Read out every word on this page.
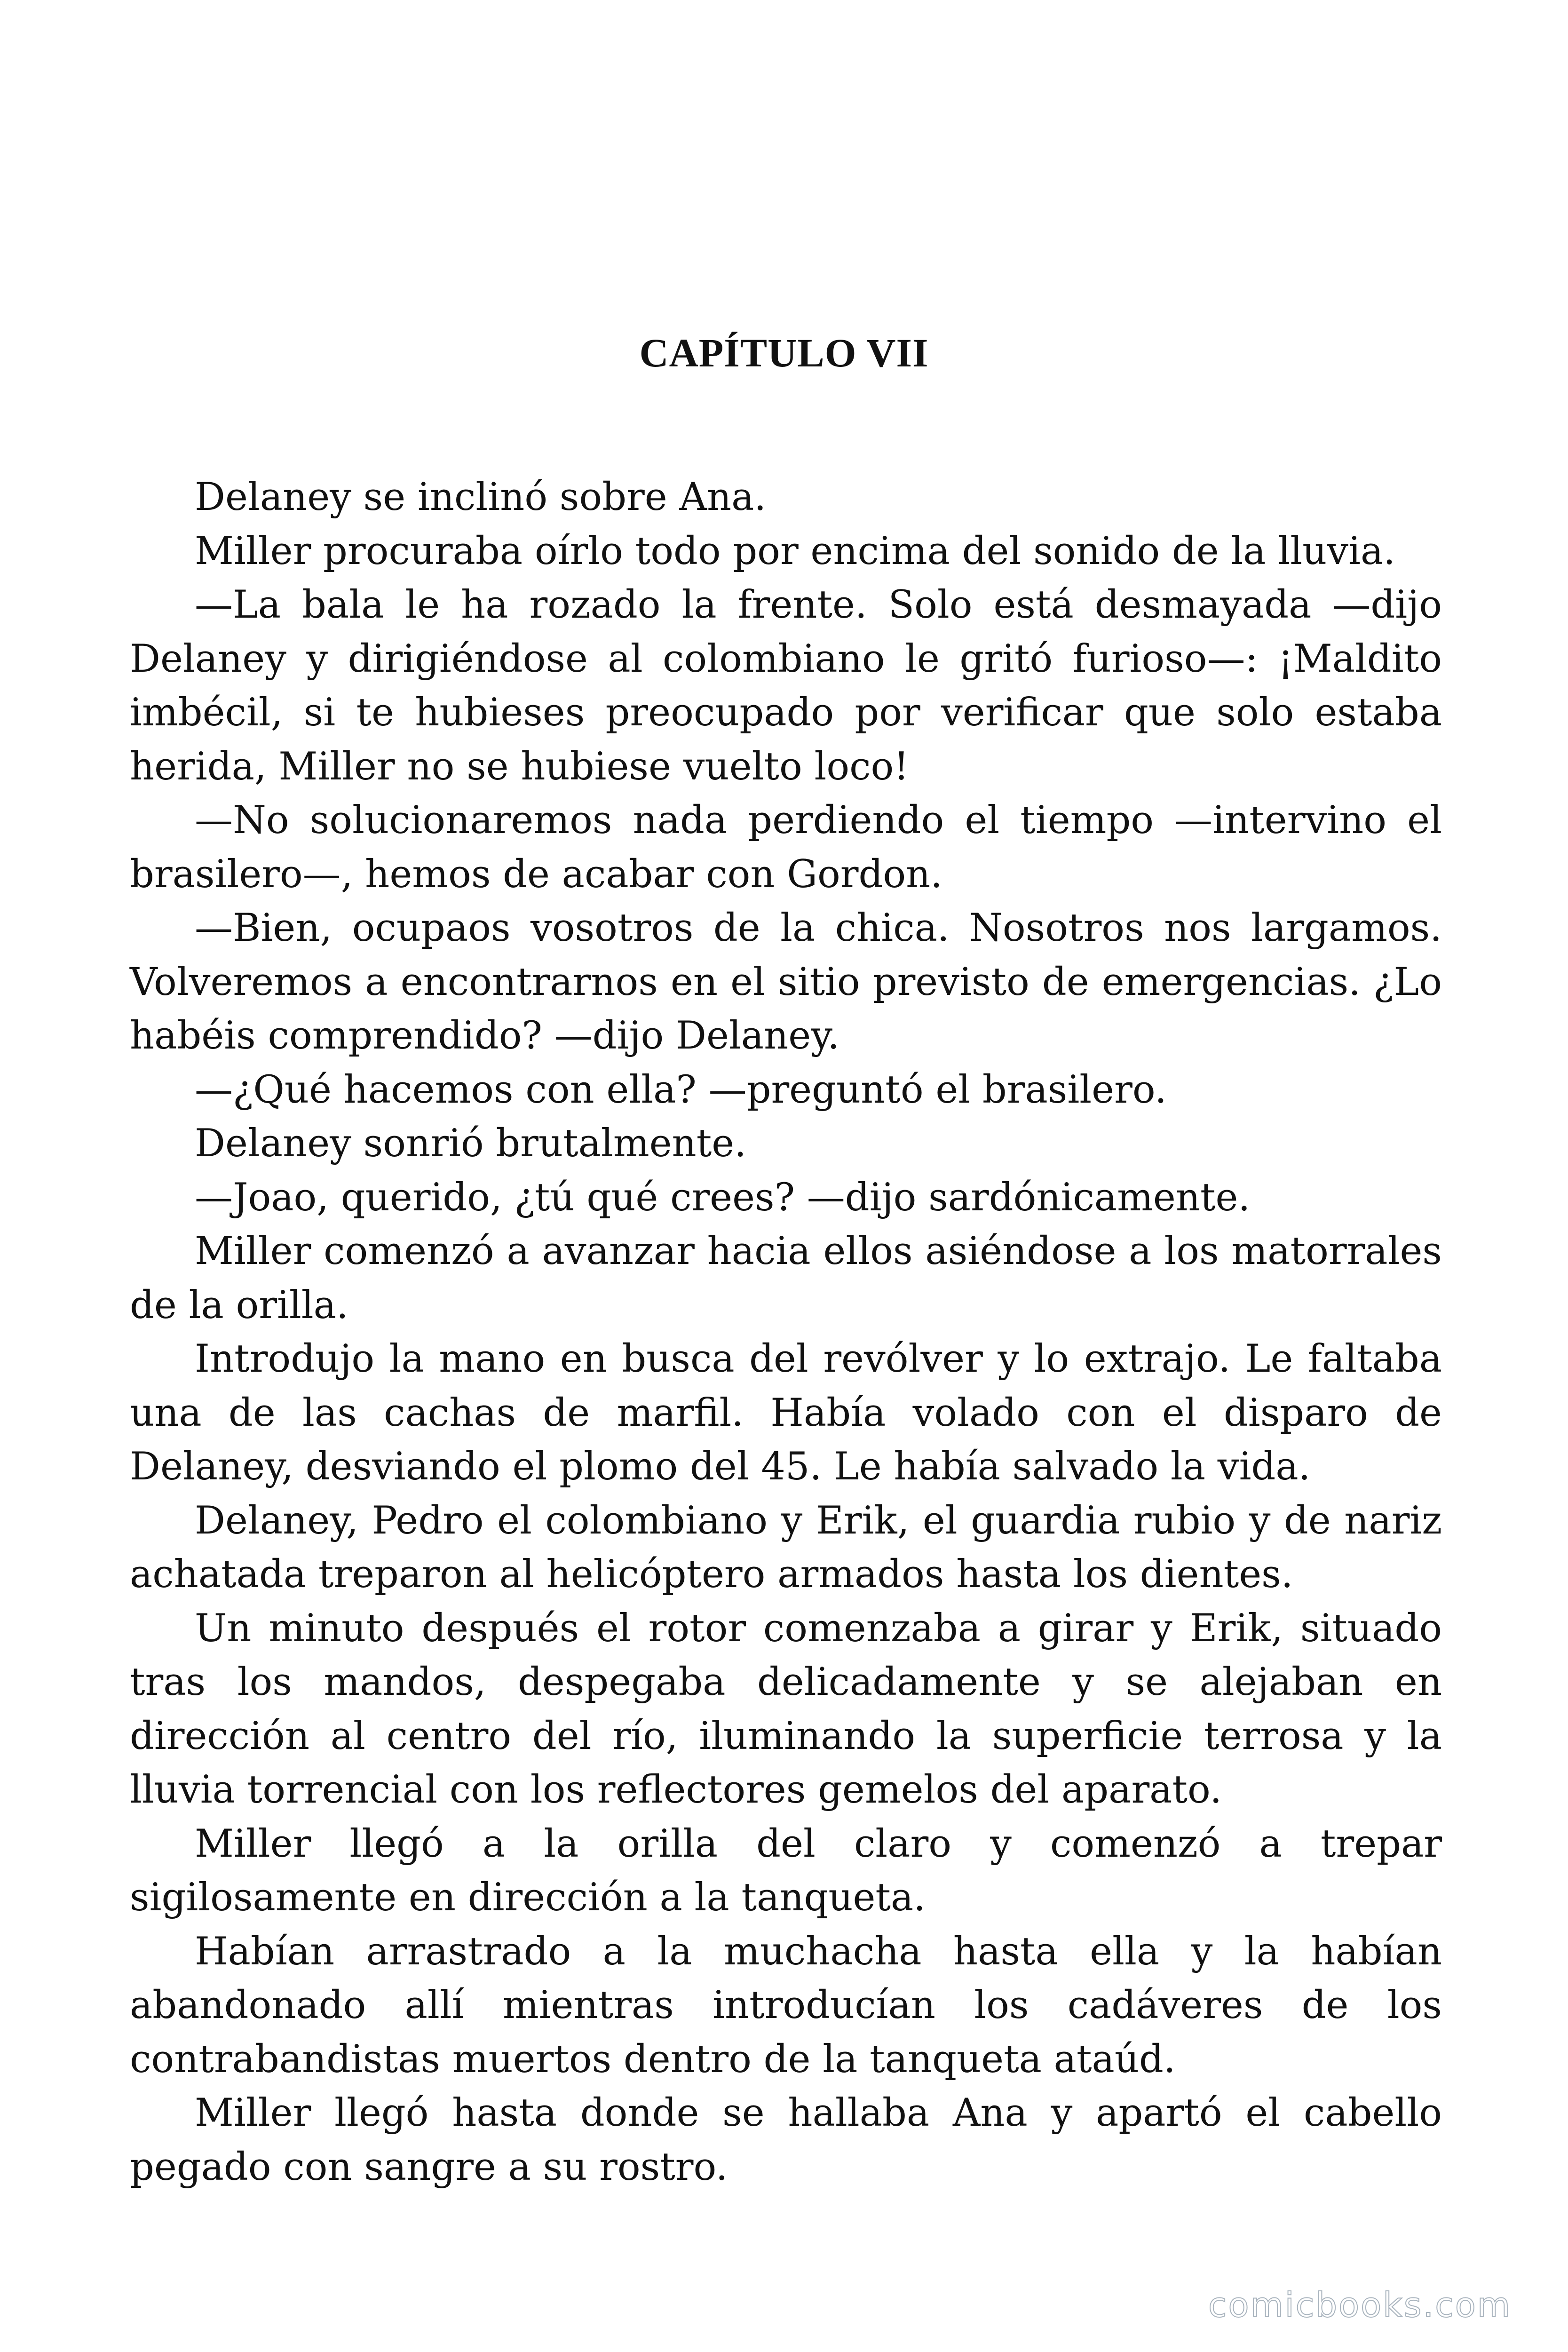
CAPÍTULO VII

Delaney se inclinó sobre Ana.

Miller procuraba oírlo todo por encima del sonido de la lluvia.

—La bala le ha rozado la frente. Solo está desmayada —dijo Delaney y dirigiéndose al colombiano le gritó furioso—: ¡Maldito imbécil, si te hubieses preocupado por verificar que solo estaba herida, Miller no se hubiese vuelto loco!

—No solucionaremos nada perdiendo el tiempo —intervino el brasilero—, hemos de acabar con Gordon.

—Bien, ocupaos vosotros de la chica. Nosotros nos largamos. Volveremos a encontrarnos en el sitio previsto de emergencias. ¿Lo habéis comprendido? —dijo Delaney.

—¿Qué hacemos con ella? —preguntó el brasilero.

Delaney sonrió brutalmente.

—Joao, querido, ¿tú qué crees? —dijo sardónicamente.

Miller comenzó a avanzar hacia ellos asiéndose a los matorrales de la orilla.

Introdujo la mano en busca del revólver y lo extrajo. Le faltaba una de las cachas de marfil. Había volado con el disparo de Delaney, desviando el plomo del 45. Le había salvado la vida.

Delaney, Pedro el colombiano y Erik, el guardia rubio y de nariz achatada treparon al helicóptero armados hasta los dientes.

Un minuto después el rotor comenzaba a girar y Erik, situado tras los mandos, despegaba delicadamente y se alejaban en dirección al centro del río, iluminando la superficie terrosa y la lluvia torrencial con los reflectores gemelos del aparato.

Miller llegó a la orilla del claro y comenzó a trepar sigilosamente en dirección a la tanqueta.

Habían arrastrado a la muchacha hasta ella y la habían abandonado allí mientras introducían los cadáveres de los contrabandistas muertos dentro de la tanqueta ataúd.

Miller llegó hasta donde se hallaba Ana y apartó el cabello pegado con sangre a su rostro.

comicbooks.com
